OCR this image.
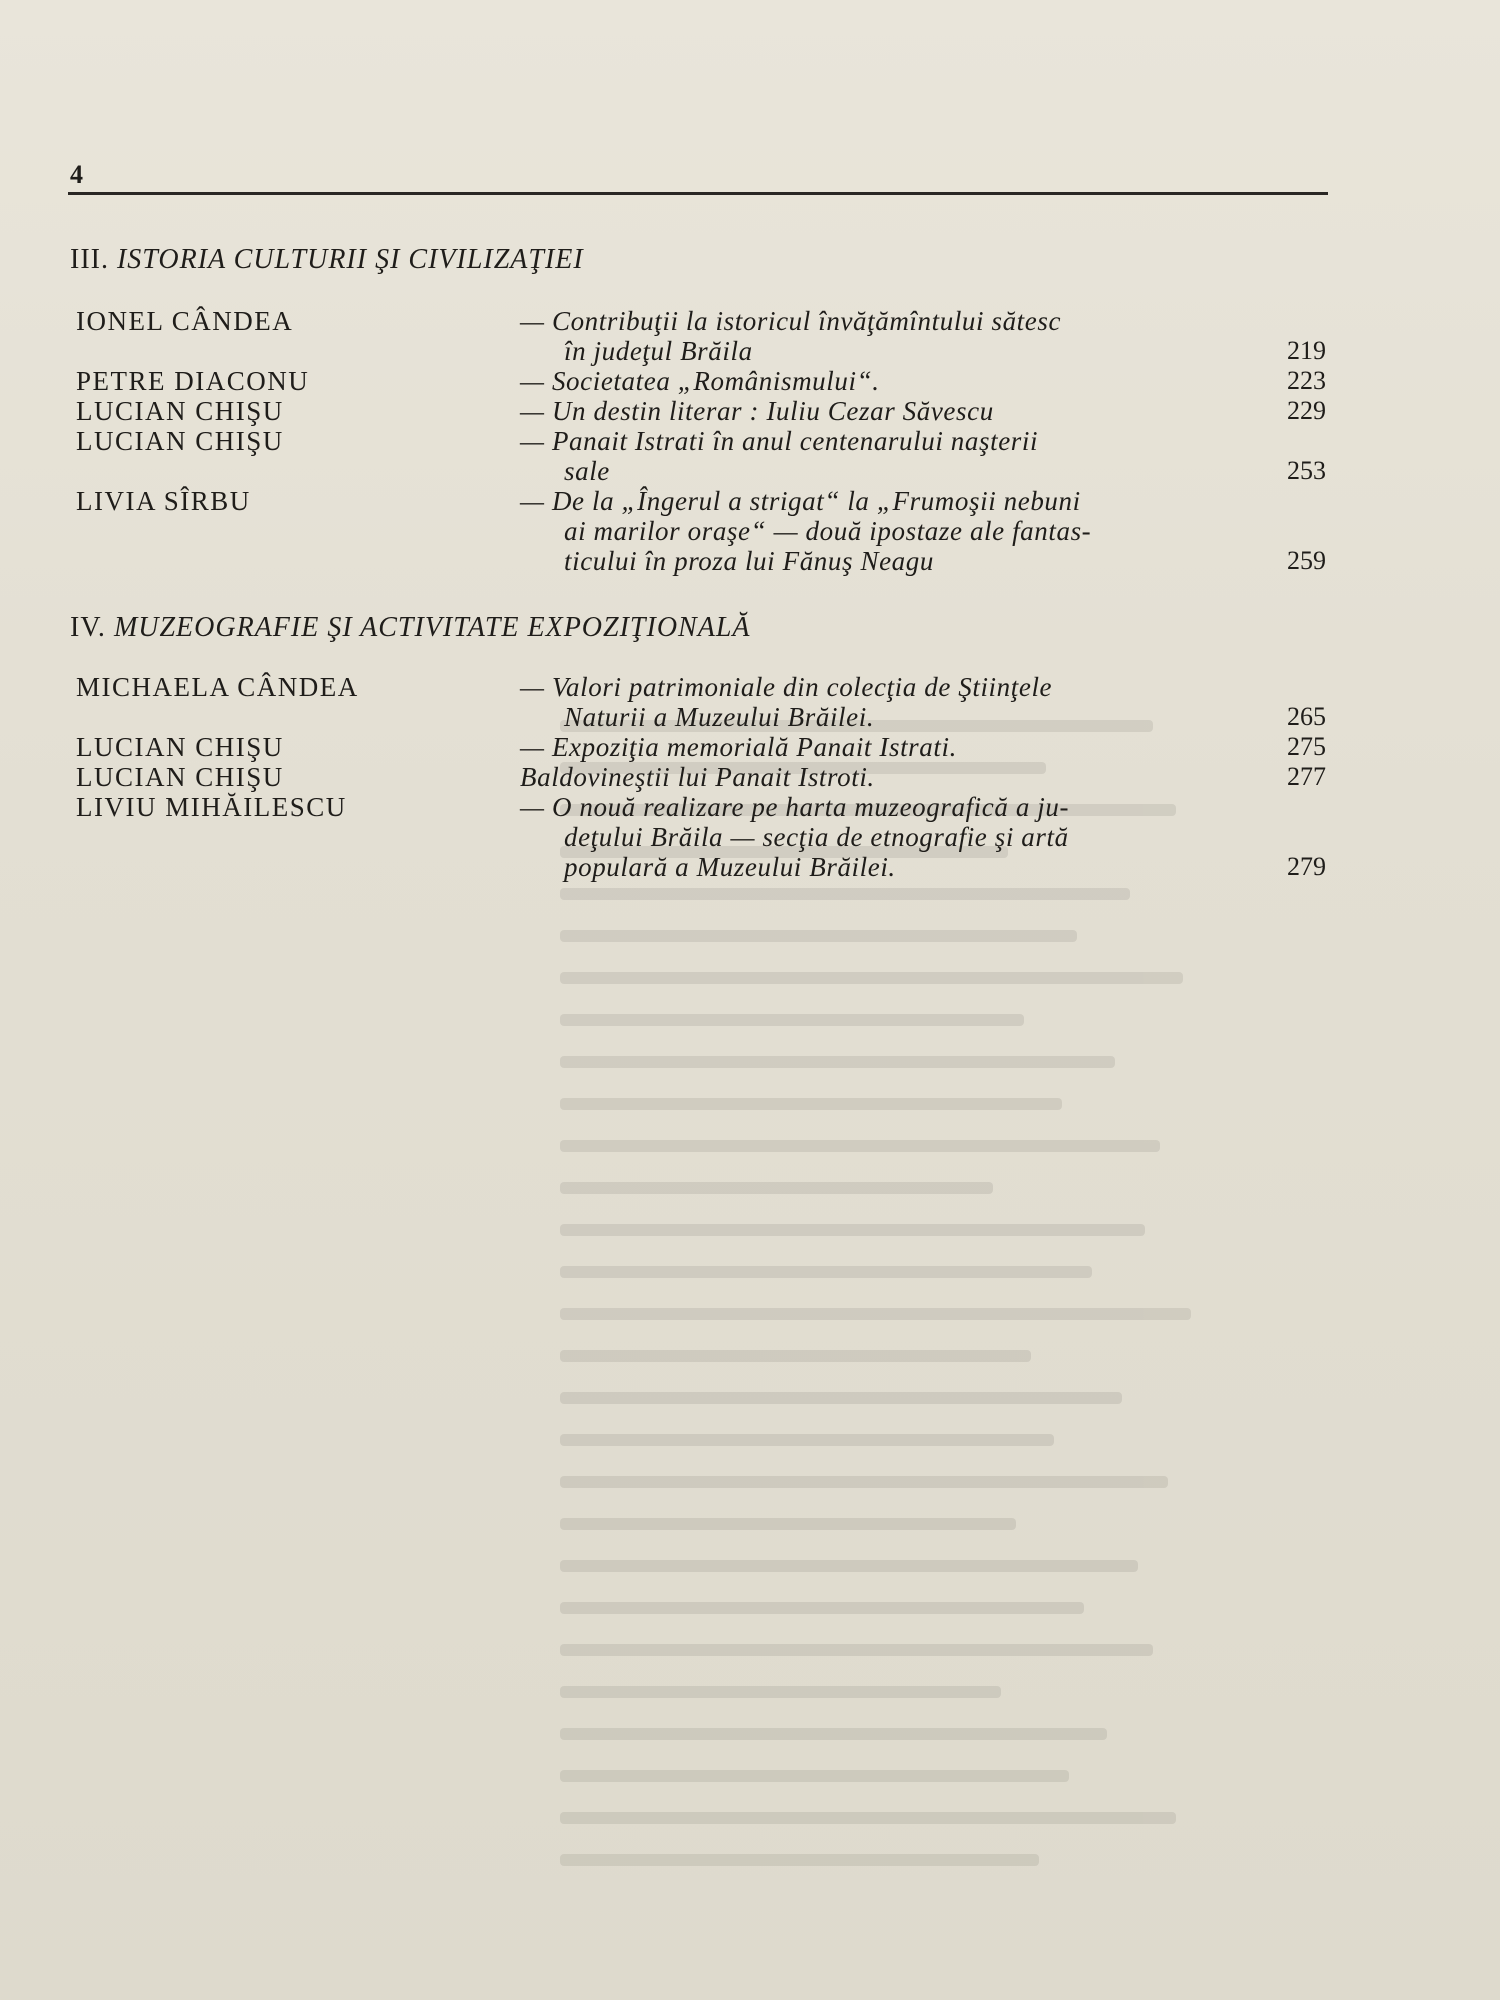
4
III. ISTORIA CULTURII ŞI CIVILIZAŢIEI
IONEL CÂNDEA	— Contribuţii la istoricul învăţămîntului sătesc
în judeţul Brăila	219
PETRE DIACONU	— Societatea „Românismului“.	223
LUCIAN CHIŞU	— Un destin literar : Iuliu Cezar Săvescu	229
LUCIAN CHIŞU	— Panait Istrati în anul centenarului naşterii
sale	253
LIVIA SÎRBU	— De la „Îngerul a strigat“ la „Frumoşii nebuni
ai marilor oraşe“ — două ipostaze ale fantas-
ticului în proza lui Fănuş Neagu	259
IV. MUZEOGRAFIE ŞI ACTIVITATE EXPOZIŢIONALĂ
MICHAELA CÂNDEA	— Valori patrimoniale din colecţia de Ştiinţele
Naturii a Muzeului Brăilei.	265
LUCIAN CHIŞU	— Expoziţia memorială Panait Istrati.	275
LUCIAN CHIŞU	Baldovineştii lui Panait Istroti.	277
LIVIU MIHĂILESCU	— O nouă realizare pe harta muzeografică a ju-
deţului Brăila — secţia de etnografie şi artă
populară a Muzeului Brăilei.	279
